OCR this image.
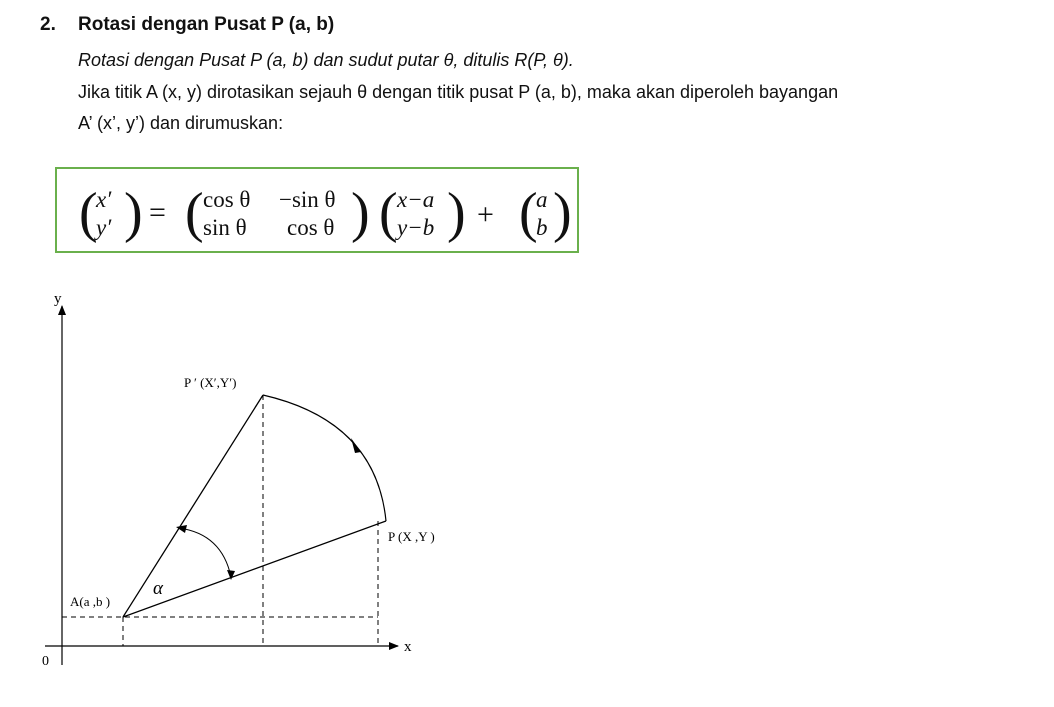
2. Rotasi dengan Pusat P (a, b)
Rotasi dengan Pusat P (a, b) dan sudut putar θ, ditulis R(P, θ).
Jika titik A (x, y) dirotasikan sejauh θ dengan titik pusat P (a, b), maka akan diperoleh bayangan
A’ (x’, y’) dan dirumuskan:
(
x′
y′ ) = ( cos θ −sin θ
sin θ cos θ ) ( x−a
y−b ) + (
a
b )
y
x
0
A(a ,b )
P (X ,Y )
P ′ (X′,Y′)
α
